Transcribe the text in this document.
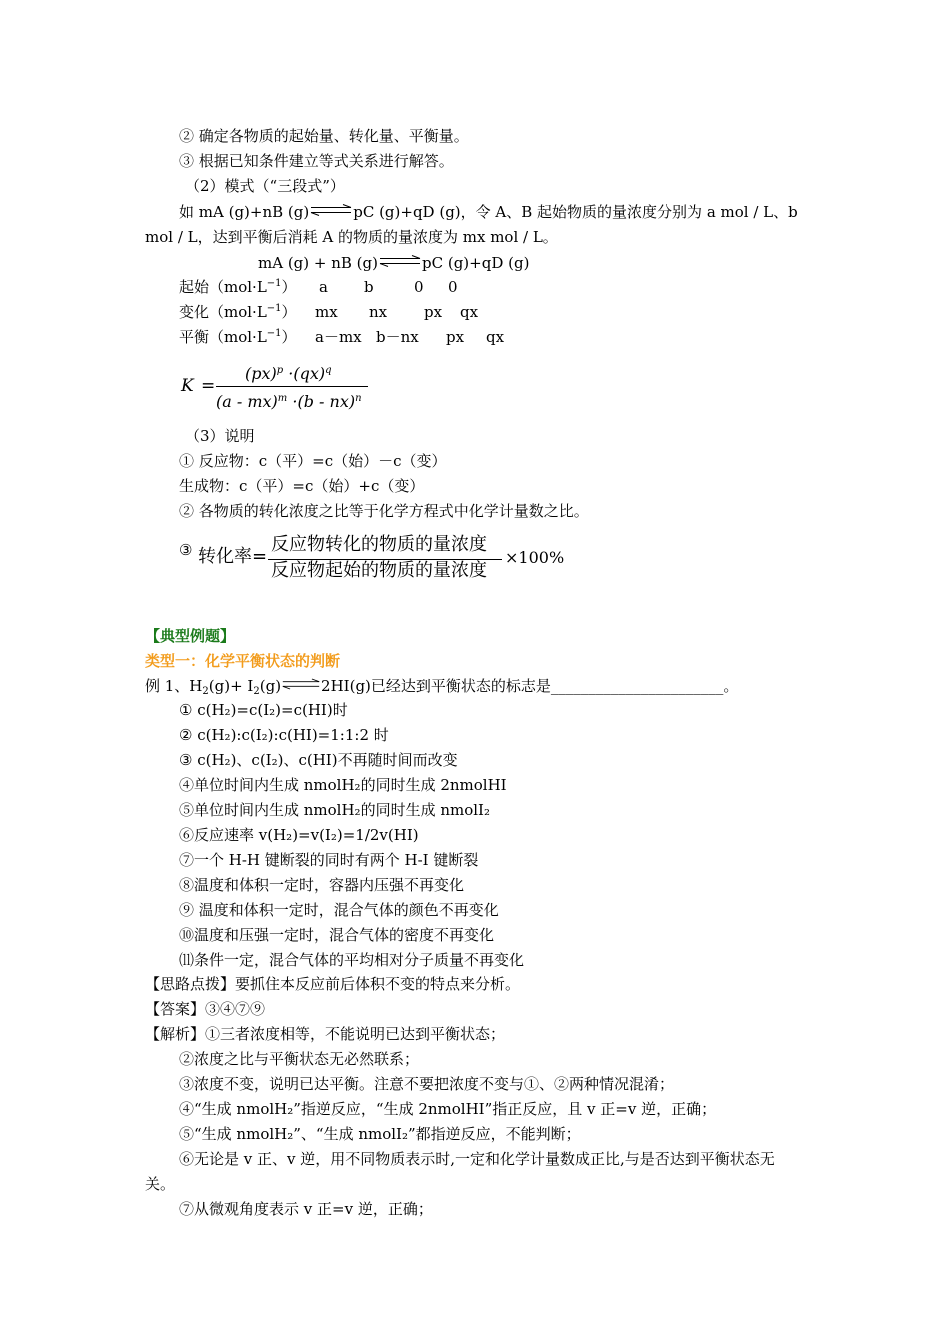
② 确定各物质的起始量、转化量、平衡量。
③ 根据已知条件建立等式关系进行解答。
（2）模式（“三段式”）
如 mA (g)+nB (g)⇌pC (g)+qD (g)，令 A、B 起始物质的量浓度分别为 a mol / L、b
mol / L，达到平衡后消耗 A 的物质的量浓度为 mx mol / L。
mA (g) + nB (g)⇌pC (g)+qD (g)
起始$(mol\cdot L^{-1})$ a b	0 0
变化$(mol\cdot L^{-1})$ mx nx px qx
平衡$(mol\cdot L^{-1})$ a－mx b－nx px qx
K =
(px)$^p$ ·(qx)$^q$
(a - mx)$^m$ ·(b - nx)$^n$
（3）说明
① 反应物：c（平）=c（始）－c（变）
生成物：c（平）=c（始）+c（变）
② 各物质的转化浓度之比等于化学方程式中化学计量数之比。
③ 转化率=
反应物转化的物质的量浓度
反应物起始的物质的量浓度
×100%
【典型例题】
类型一：化学平衡状态的判断
例 1、$H_2(g)+$ $I_2(g)\rightleftharpoons 2HI(g)$已经达到平衡状态的标志是_______________________。
① c(H₂)=c(I₂)=c(HI)时
② c(H₂):c(I₂):c(HI)=1:1:2 时
③ c(H₂)、c(I₂)、c(HI)不再随时间而改变
④单位时间内生成 nmolH₂的同时生成 2nmolHI
⑤单位时间内生成 nmolH₂的同时生成 nmolI₂
⑥反应速率 v(H₂)=v(I₂)=1/2v(HI)
⑦一个 H-H 键断裂的同时有两个 H-I 键断裂
⑧温度和体积一定时，容器内压强不再变化
⑨ 温度和体积一定时，混合气体的颜色不再变化
⑩温度和压强一定时，混合气体的密度不再变化
⑾条件一定，混合气体的平均相对分子质量不再变化
【思路点拨】要抓住本反应前后体积不变的特点来分析。
【答案】③④⑦⑨
【解析】①三者浓度相等，不能说明已达到平衡状态；
②浓度之比与平衡状态无必然联系；
③浓度不变，说明已达平衡。注意不要把浓度不变与①、②两种情况混淆；
④“生成 nmolH₂”指逆反应，“生成 2nmolHI”指正反应，且 v 正=v 逆，正确；
⑤“生成 nmolH₂”、“生成 nmolI₂”都指逆反应，不能判断；
⑥无论是 v 正、v 逆，用不同物质表示时,一定和化学计量数成正比,与是否达到平衡状态无
关。
⑦从微观角度表示 v 正=v 逆，正确；
